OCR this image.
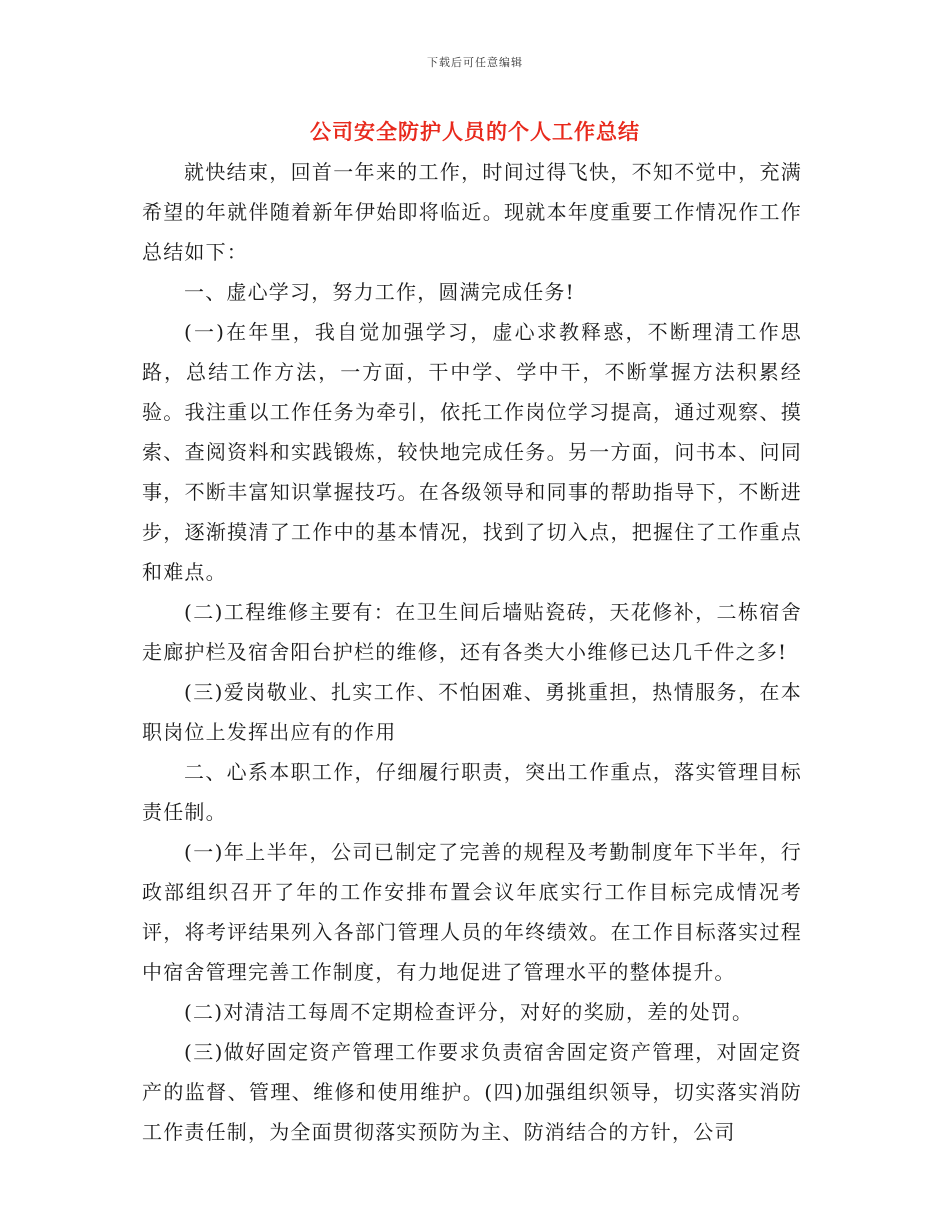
下载后可任意编辑
公司安全防护人员的个人工作总结

就快结束，回首一年来的工作，时间过得飞快，不知不觉中，充满希望的年就伴随着新年伊始即将临近。现就本年度重要工作情况作工作总结如下：

一、虚心学习，努力工作，圆满完成任务!

(一)在年里，我自觉加强学习，虚心求教释惑，不断理清工作思路，总结工作方法，一方面，干中学、学中干，不断掌握方法积累经验。我注重以工作任务为牵引，依托工作岗位学习提高，通过观察、摸索、查阅资料和实践锻炼，较快地完成任务。另一方面，问书本、问同事，不断丰富知识掌握技巧。在各级领导和同事的帮助指导下，不断进步，逐渐摸清了工作中的基本情况，找到了切入点，把握住了工作重点和难点。

(二)工程维修主要有：在卫生间后墙贴瓷砖，天花修补，二栋宿舍走廊护栏及宿舍阳台护栏的维修，还有各类大小维修已达几千件之多!

(三)爱岗敬业、扎实工作、不怕困难、勇挑重担，热情服务，在本职岗位上发挥出应有的作用

二、心系本职工作，仔细履行职责，突出工作重点，落实管理目标责任制。

(一)年上半年，公司已制定了完善的规程及考勤制度年下半年，行政部组织召开了年的工作安排布置会议年底实行工作目标完成情况考评，将考评结果列入各部门管理人员的年终绩效。在工作目标落实过程中宿舍管理完善工作制度，有力地促进了管理水平的整体提升。

(二)对清洁工每周不定期检查评分，对好的奖励，差的处罚。

(三)做好固定资产管理工作要求负责宿舍固定资产管理，对固定资产的监督、管理、维修和使用维护。(四)加强组织领导，切实落实消防工作责任制，为全面贯彻落实预防为主、防消结合的方针，公司
